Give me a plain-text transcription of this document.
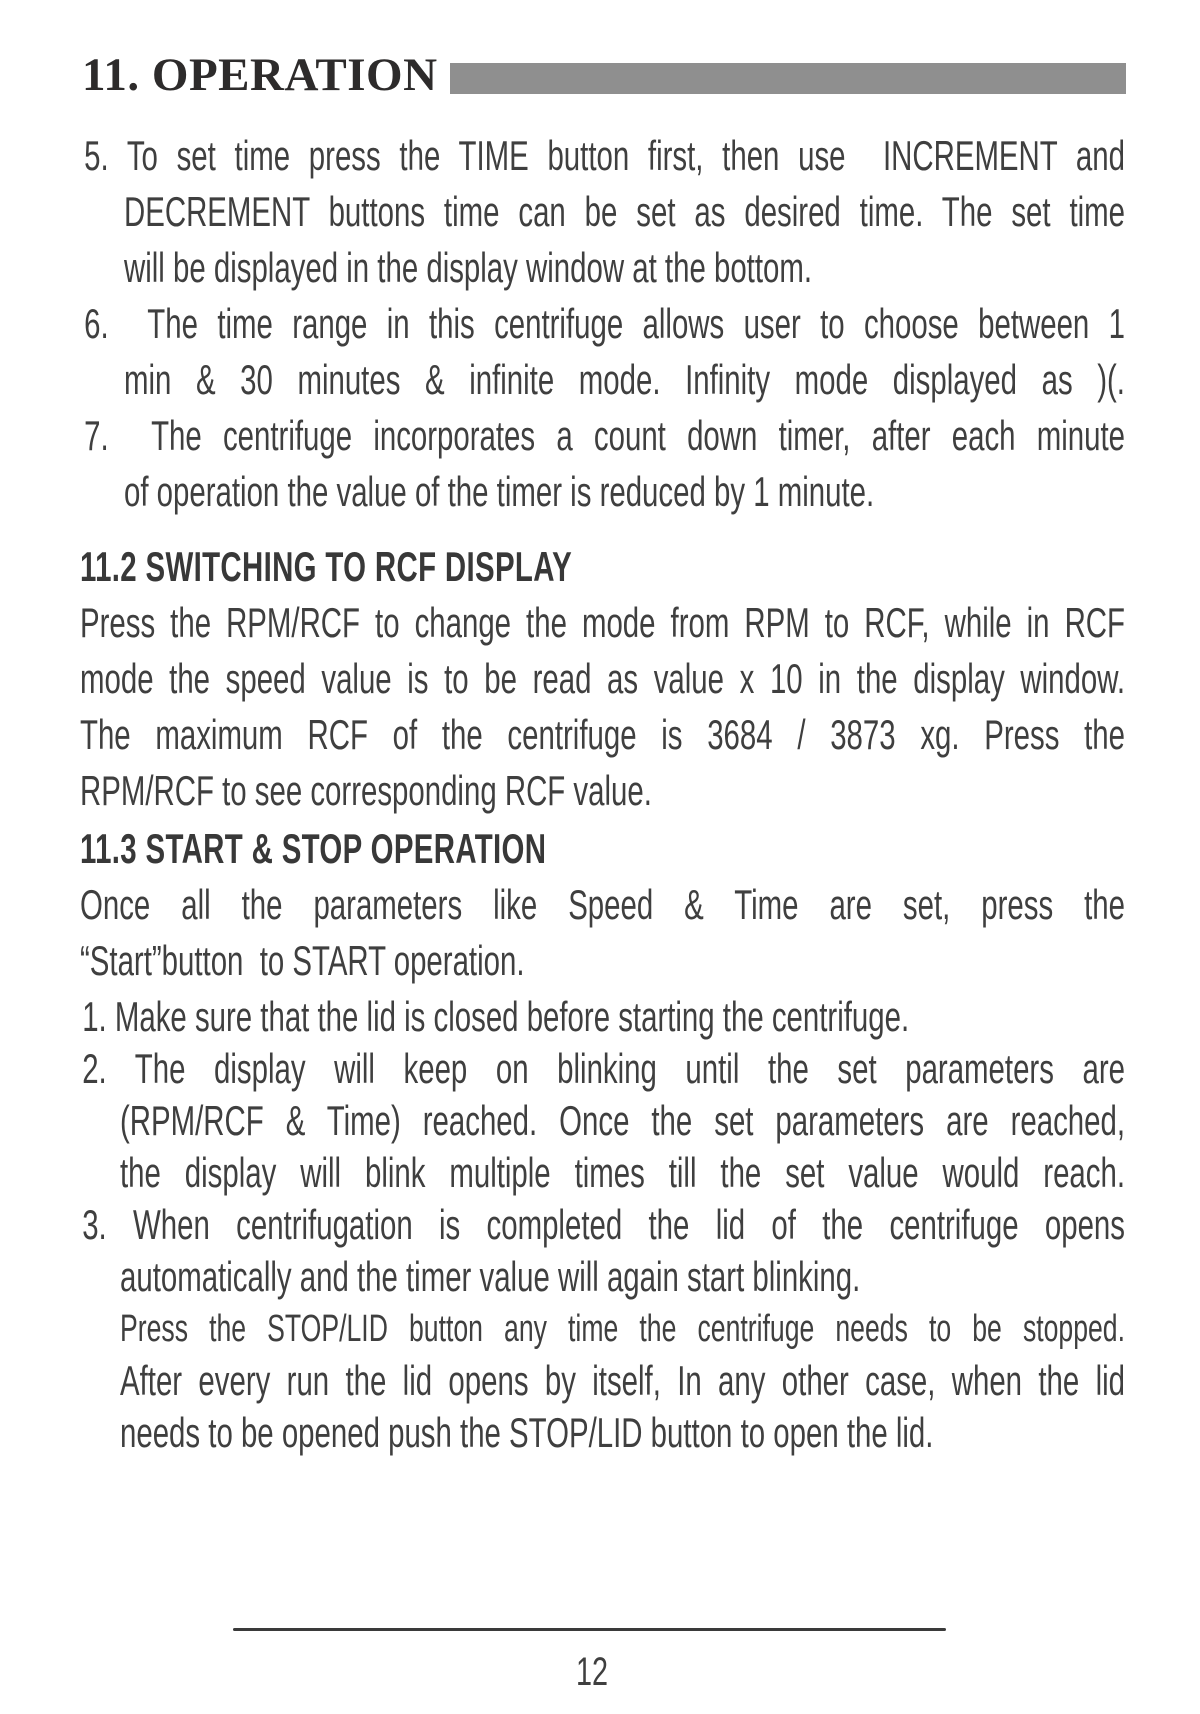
11. OPERATION
5. To set time press the TIME button first, then use  INCREMENT and
DECREMENT buttons time can be set as desired time. The set time
will be displayed in the display window at the bottom.
6.  The time range in this centrifuge allows user to choose between 1
min & 30 minutes & infinite mode. Infinity mode displayed as )(.
7.  The centrifuge incorporates a count down timer, after each minute
of operation the value of the timer is reduced by 1 minute.
11.2 SWITCHING TO RCF DISPLAY
Press the RPM/RCF to change the mode from RPM to RCF, while in RCF
mode the speed value is to be read as value x 10 in the display window.
The maximum RCF of the centrifuge is 3684 / 3873 xg. Press the
RPM/RCF to see corresponding RCF value.
11.3 START & STOP OPERATION
Once all the parameters like Speed & Time are set, press the
“Start”button  to START operation.
1. Make sure that the lid is closed before starting the centrifuge.
2. The display will keep on blinking until the set parameters are
(RPM/RCF & Time) reached. Once the set parameters are reached,
the display will blink multiple times till the set value would reach.
3. When centrifugation is completed the lid of the centrifuge opens
automatically and the timer value will again start blinking.
Press the STOP/LID button any time the centrifuge needs to be stopped.
After every run the lid opens by itself, In any other case, when the lid
needs to be opened push the STOP/LID button to open the lid.
12
